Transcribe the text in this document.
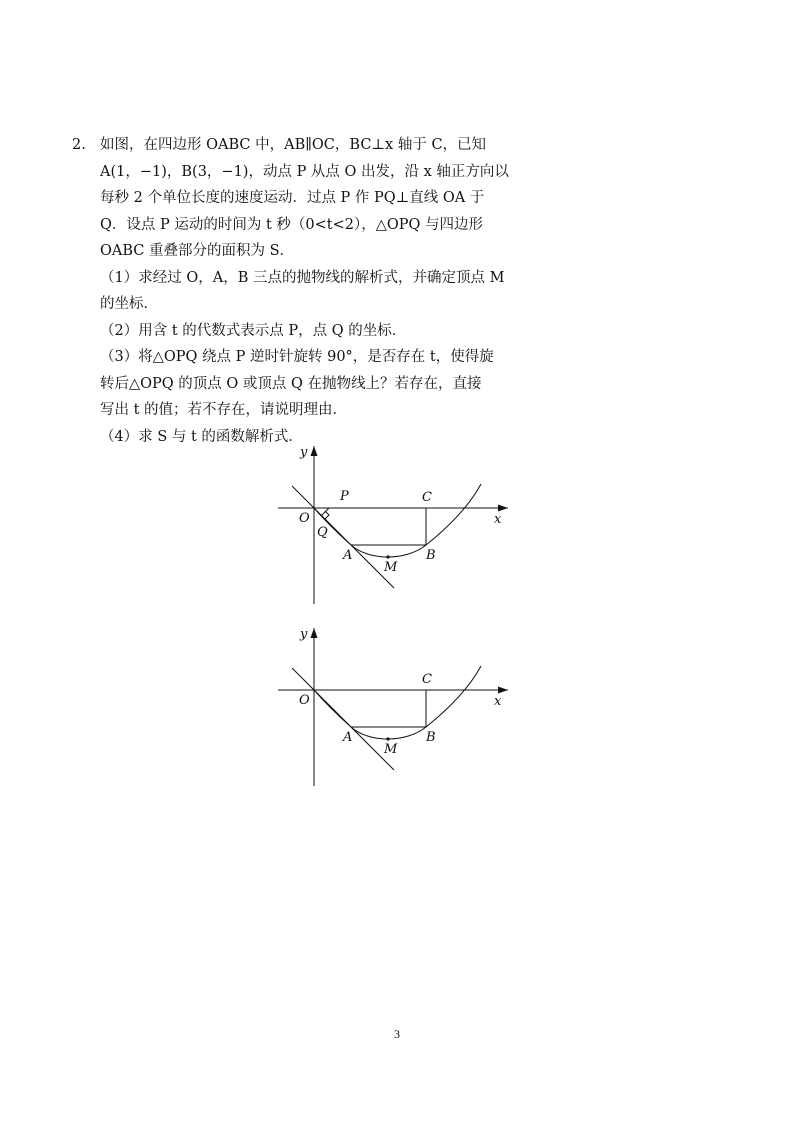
2. 如图，在四边形 OABC 中，AB∥OC，BC⊥x 轴于 C，已知
A(1，−1)，B(3，−1)，动点 P 从点 O 出发，沿 x 轴正方向以
每秒 2 个单位长度的速度运动．过点 P 作 PQ⊥直线 OA 于
Q．设点 P 运动的时间为 t 秒（0<t<2），△OPQ 与四边形
OABC 重叠部分的面积为 S．
（1）求经过 O，A，B 三点的抛物线的解析式，并确定顶点 M
的坐标．
（2）用含 t 的代数式表示点 P，点 Q 的坐标．
（3）将△OPQ 绕点 P 逆时针旋转 90°，是否存在 t，使得旋
转后△OPQ 的顶点 O 或顶点 Q 在抛物线上？若存在，直接
写出 t 的值；若不存在，请说明理由．
（4）求 S 与 t 的函数解析式．
y
x
O
P	C
Q
A	B
M
y
x
O
C
A	B
M
3
